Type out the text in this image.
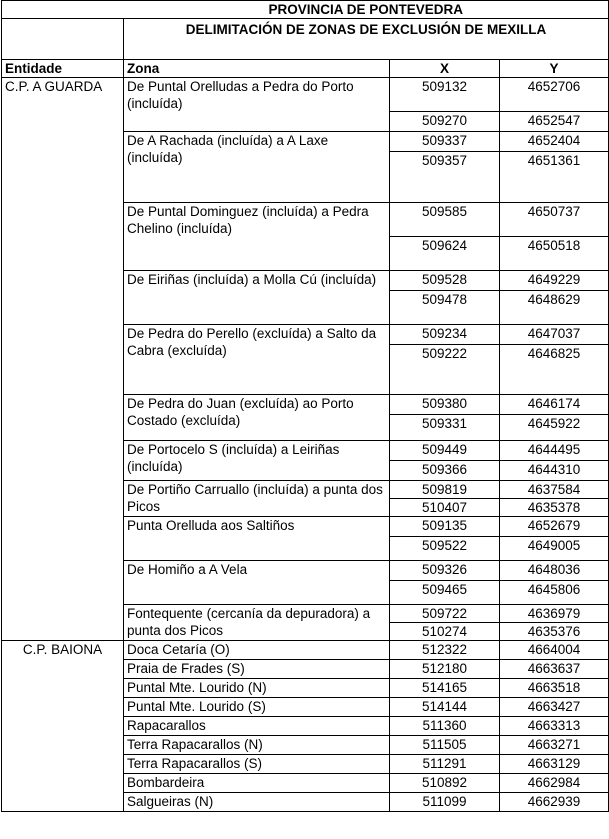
	PROVINCIA DE PONTEVEDRA		
	DELIMITACIÓN DE ZONAS DE EXCLUSIÓN DE MEXILLA		
Entidade	Zona	X	Y
C.P. A GUARDA	De Puntal Orelludas a Pedra do Porto (incluída)	509132	4652706
		509270	4652547
	De A Rachada (incluída) a A Laxe (incluída)	509337	4652404
		509357	4651361
	De Puntal Dominguez (incluída) a Pedra Chelino (incluída)	509585	4650737
		509624	4650518
	De Eiriñas (incluída) a Molla Cú (incluída)	509528	4649229
		509478	4648629
	De Pedra do Perello (excluída) a Salto da Cabra (excluída)	509234	4647037
		509222	4646825
	De Pedra do Juan (excluída) ao Porto Costado (excluída)	509380	4646174
		509331	4645922
	De Portocelo S (incluída) a Leiriñas (incluída)	509449	4644495
		509366	4644310
	De Portiño Carruallo (incluída) a punta dos Picos	509819	4637584
		510407	4635378
	Punta Orelluda aos Saltiños	509135	4652679
		509522	4649005
	De Homiño a A Vela	509326	4648036
		509465	4645806
	Fontequente (cercanía da depuradora) a punta dos Picos	509722	4636979
		510274	4635376
C.P. BAIONA	Doca Cetaría (O)	512322	4664004
	Praia de Frades (S)	512180	4663637
	Puntal Mte. Lourido (N)	514165	4663518
	Puntal Mte. Lourido (S)	514144	4663427
	Rapacarallos	511360	4663313
	Terra Rapacarallos (N)	511505	4663271
	Terra Rapacarallos (S)	511291	4663129
	Bombardeira	510892	4662984
	Salgueiras (N)	511099	4662939
